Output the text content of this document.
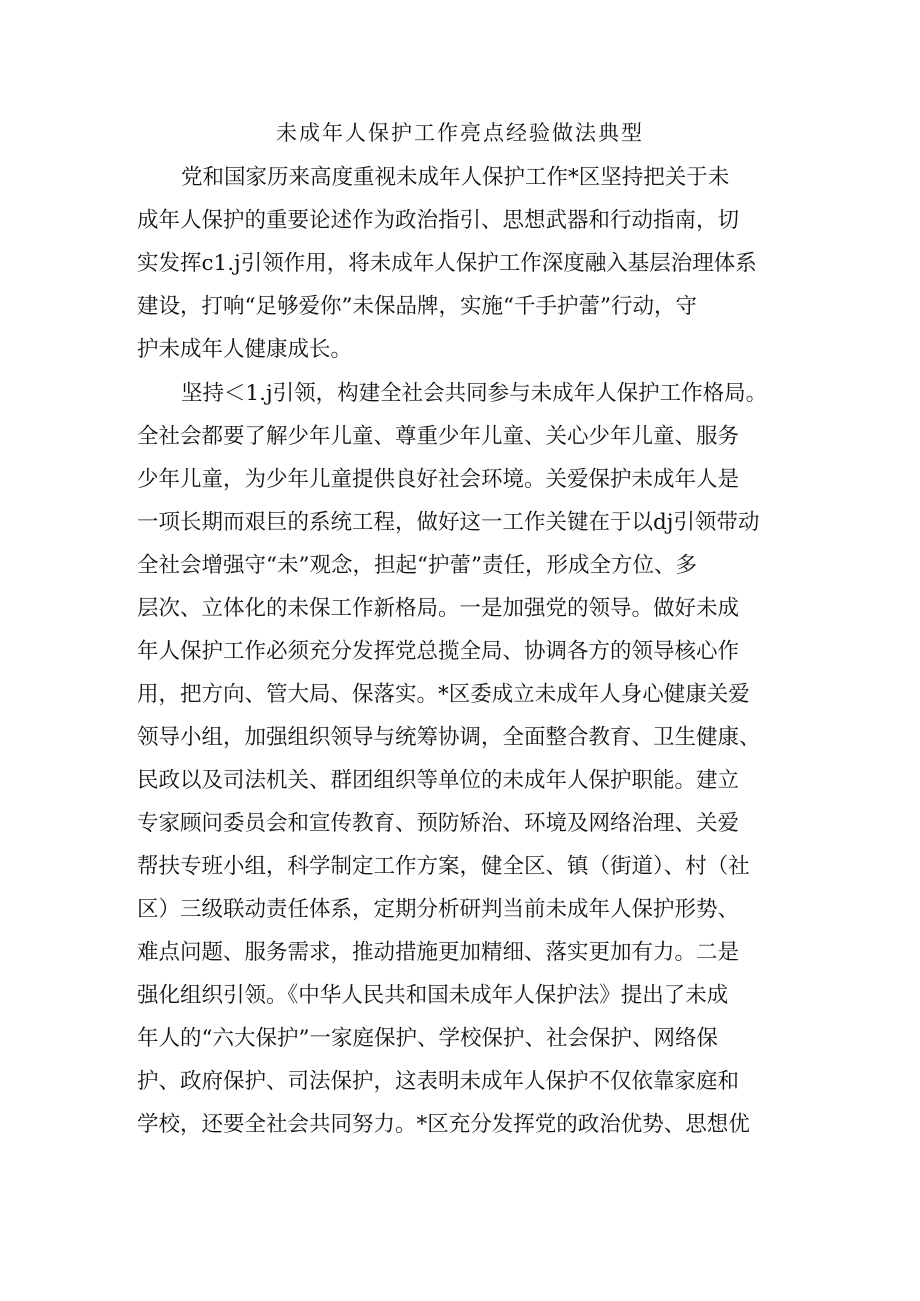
未成年人保护工作亮点经验做法典型
党和国家历来高度重视未成年人保护工作*区坚持把关于未
成年人保护的重要论述作为政治指引、思想武器和行动指南，切
实发挥c1.j引领作用，将未成年人保护工作深度融入基层治理体系
建设，打响“足够爱你”未保品牌，实施“千手护蕾”行动，守
护未成年人健康成长。
坚持＜1.j引领，构建全社会共同参与未成年人保护工作格局。
全社会都要了解少年儿童、尊重少年儿童、关心少年儿童、服务
少年儿童，为少年儿童提供良好社会环境。关爱保护未成年人是
一项长期而艰巨的系统工程，做好这一工作关键在于以dj引领带动
全社会增强守“未”观念，担起“护蕾”责任，形成全方位、多
层次、立体化的未保工作新格局。一是加强党的领导。做好未成
年人保护工作必须充分发挥党总揽全局、协调各方的领导核心作
用，把方向、管大局、保落实。*区委成立未成年人身心健康关爱
领导小组，加强组织领导与统筹协调，全面整合教育、卫生健康、
民政以及司法机关、群团组织等单位的未成年人保护职能。建立
专家顾问委员会和宣传教育、预防矫治、环境及网络治理、关爱
帮扶专班小组，科学制定工作方案，健全区、镇（街道）、村（社
区）三级联动责任体系，定期分析研判当前未成年人保护形势、
难点问题、服务需求，推动措施更加精细、落实更加有力。二是
强化组织引领。《中华人民共和国未成年人保护法》提出了未成
年人的“六大保护”一家庭保护、学校保护、社会保护、网络保
护、政府保护、司法保护，这表明未成年人保护不仅依靠家庭和
学校，还要全社会共同努力。*区充分发挥党的政治优势、思想优
